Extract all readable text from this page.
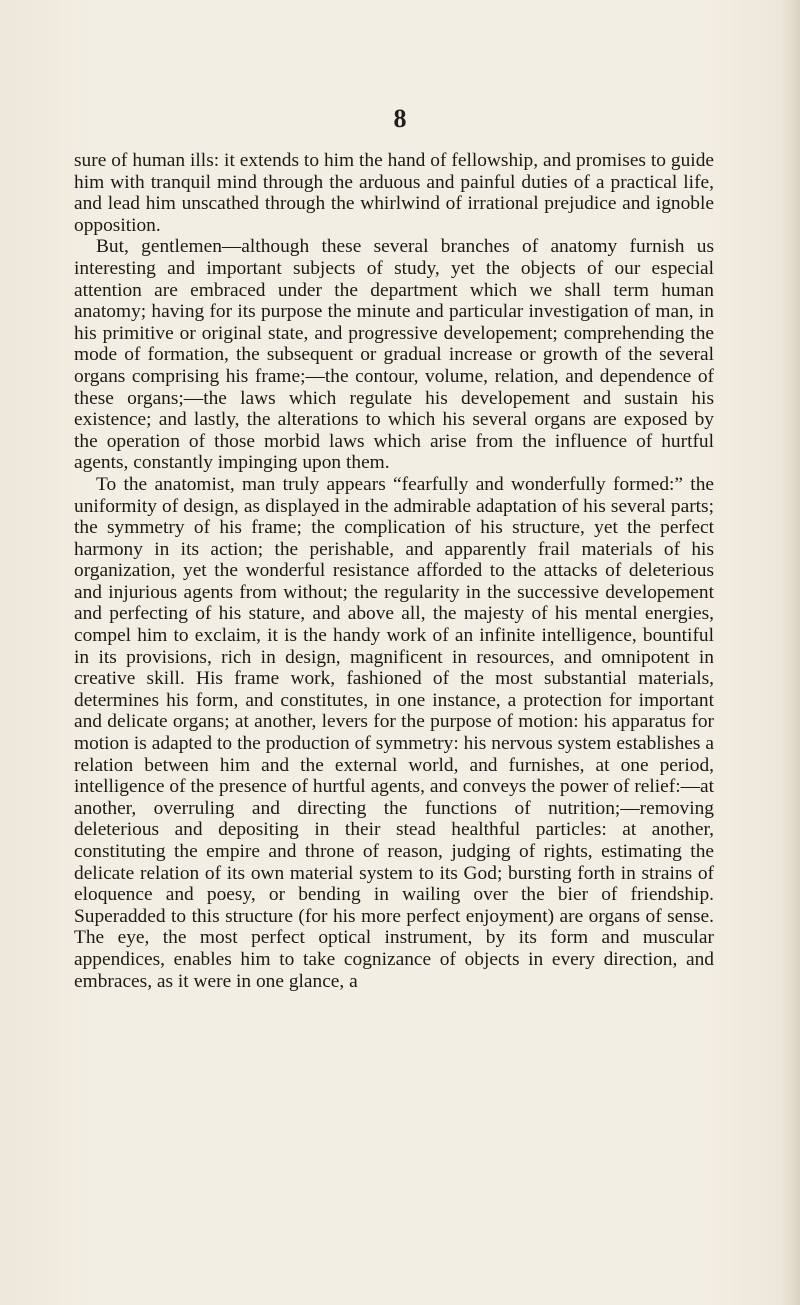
8

sure of human ills: it extends to him the hand of fellowship, and promises to guide him with tranquil mind through the arduous and painful duties of a practical life, and lead him unscathed through the whirlwind of irrational prejudice and ignoble opposition.

But, gentlemen—although these several branches of anatomy furnish us interesting and important subjects of study, yet the objects of our especial attention are embraced under the department which we shall term human anatomy; having for its purpose the minute and particular investigation of man, in his primitive or original state, and progressive developement; comprehending the mode of formation, the subsequent or gradual increase or growth of the several organs comprising his frame;—the contour, volume, relation, and dependence of these organs;—the laws which regulate his developement and sustain his existence; and lastly, the alterations to which his several organs are exposed by the operation of those morbid laws which arise from the influence of hurtful agents, constantly impinging upon them.

To the anatomist, man truly appears “fearfully and wonderfully formed:” the uniformity of design, as displayed in the admirable adaptation of his several parts; the symmetry of his frame; the complication of his structure, yet the perfect harmony in its action; the perishable, and apparently frail materials of his organization, yet the wonderful resistance afforded to the attacks of deleterious and injurious agents from without; the regularity in the successive developement and perfecting of his stature, and above all, the majesty of his mental energies, compel him to exclaim, it is the handy work of an infinite intelligence, bountiful in its provisions, rich in design, magnificent in resources, and omnipotent in creative skill. His frame work, fashioned of the most substantial materials, determines his form, and constitutes, in one instance, a protection for important and delicate organs; at another, levers for the purpose of motion: his apparatus for motion is adapted to the production of symmetry: his nervous system establishes a relation between him and the external world, and furnishes, at one period, intelligence of the presence of hurtful agents, and conveys the power of relief:—at another, overruling and directing the functions of nutrition;—removing deleterious and depositing in their stead healthful particles: at another, constituting the empire and throne of reason, judging of rights, estimating the delicate relation of its own material system to its God; bursting forth in strains of eloquence and poesy, or bending in wailing over the bier of friendship. Superadded to this structure (for his more perfect enjoyment) are organs of sense. The eye, the most perfect optical instrument, by its form and muscular appendices, enables him to take cognizance of objects in every direction, and embraces, as it were in one glance, a
